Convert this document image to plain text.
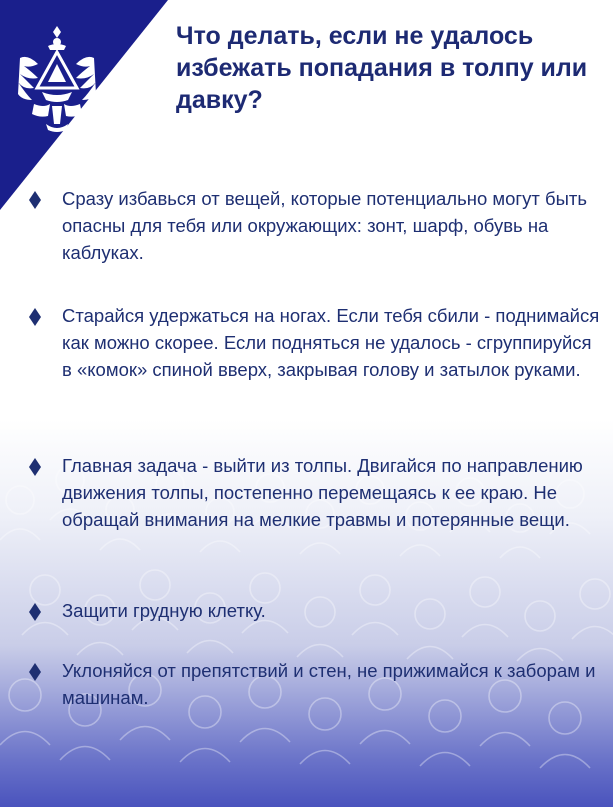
Что делать, если не удалось избежать попадания в толпу или давку?
Сразу избавься от вещей, которые потенциально могут быть опасны для тебя или окружающих: зонт, шарф, обувь на каблуках.
Старайся удержаться на ногах. Если тебя сбили - поднимайся как можно скорее. Если подняться не удалось - сгруппируйся в «комок» спиной вверх, закрывая голову и затылок руками.
Главная задача - выйти из толпы. Двигайся по направлению движения толпы, постепенно перемещаясь к ее краю. Не обращай внимания на мелкие травмы и потерянные вещи.
Защити грудную клетку.
Уклоняйся от препятствий и стен, не прижимайся к заборам и машинам.
